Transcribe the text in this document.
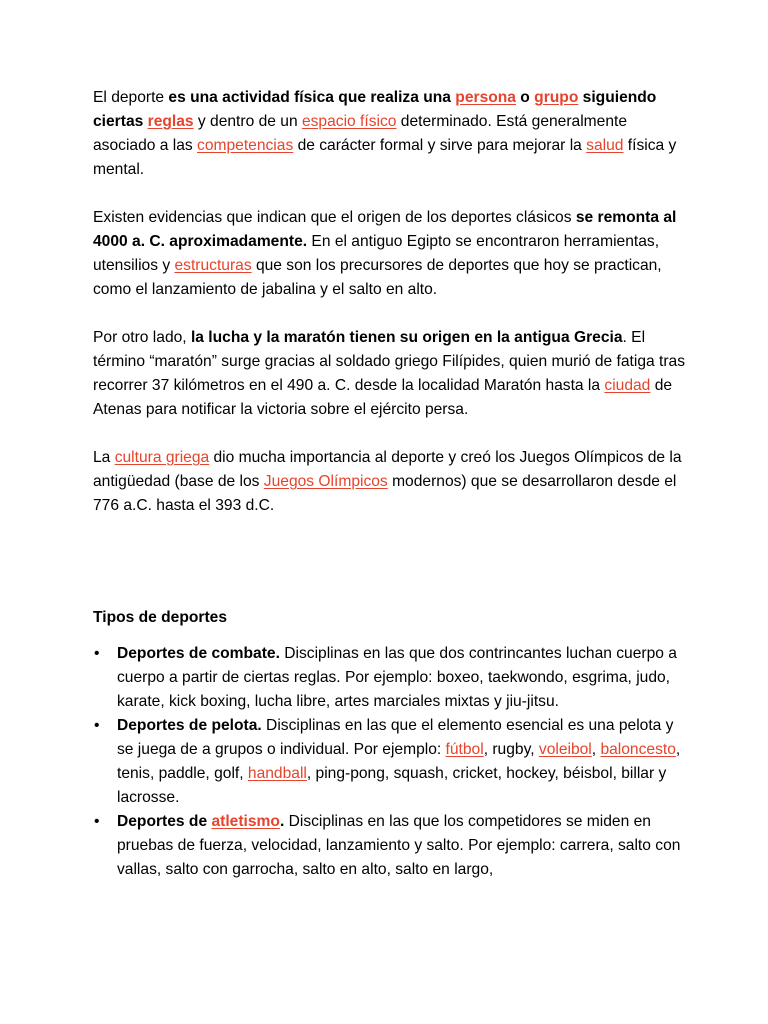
El deporte es una actividad física que realiza una persona o grupo siguiendo ciertas reglas y dentro de un espacio físico determinado. Está generalmente asociado a las competencias de carácter formal y sirve para mejorar la salud física y mental.

Existen evidencias que indican que el origen de los deportes clásicos se remonta al 4000 a. C. aproximadamente. En el antiguo Egipto se encontraron herramientas, utensilios y estructuras que son los precursores de deportes que hoy se practican, como el lanzamiento de jabalina y el salto en alto.

Por otro lado, la lucha y la maratón tienen su origen en la antigua Grecia. El término “maratón” surge gracias al soldado griego Filípides, quien murió de fatiga tras recorrer 37 kilómetros en el 490 a. C. desde la localidad Maratón hasta la ciudad de Atenas para notificar la victoria sobre el ejército persa.

La cultura griega dio mucha importancia al deporte y creó los Juegos Olímpicos de la antigüedad (base de los Juegos Olímpicos modernos) que se desarrollaron desde el 776 a.C. hasta el 393 d.C.

Tipos de deportes

• Deportes de combate. Disciplinas en las que dos contrincantes luchan cuerpo a cuerpo a partir de ciertas reglas. Por ejemplo: boxeo, taekwondo, esgrima, judo, karate, kick boxing, lucha libre, artes marciales mixtas y jiu-jitsu.
• Deportes de pelota. Disciplinas en las que el elemento esencial es una pelota y se juega de a grupos o individual. Por ejemplo: fútbol, rugby, voleibol, baloncesto, tenis, paddle, golf, handball, ping-pong, squash, cricket, hockey, béisbol, billar y lacrosse.
• Deportes de atletismo. Disciplinas en las que los competidores se miden en pruebas de fuerza, velocidad, lanzamiento y salto. Por ejemplo: carrera, salto con vallas, salto con garrocha, salto en alto, salto en largo,
